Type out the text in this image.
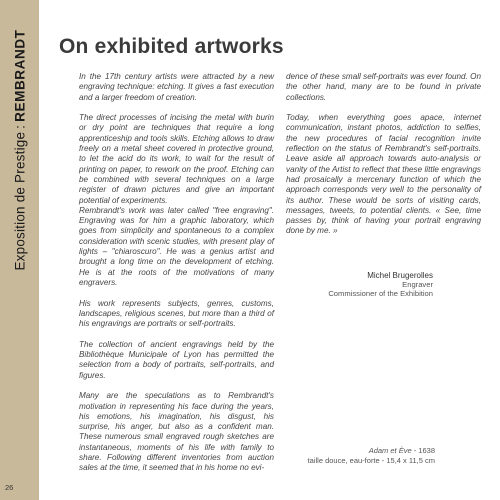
Exposition de Prestige:REMBRANDT On exhibited artworks

In the 17th century artists were attracted by a new engraving technique: etching. It gives a fast execution and a larger freedom of creation.

The direct processes of incising the metal with burin or dry point are techniques that require a long apprenticeship and tools skills. Etching allows to draw freely on a metal sheet covered in protective ground, to let the acid do its work, to wait for the result of printing on paper, to rework on the proof. Etching can be combined with several techniques on a large register of drawn pictures and give an important potential of experiments.

Rembrandt's work was later called "free engraving". Engraving was for him a graphic laboratory, which goes from simplicity and spontaneous to a complex consideration with scenic studies, with present play of lights – "chiaroscuro". He was a genius artist and brought a long time on the development of etching. He is at the roots of the motivations of many engravers.

His work represents subjects, genres, customs, landscapes, religious scenes, but more than a third of his engravings are portraits or self-portraits.

The collection of ancient engravings held by the Bibliothèque Municipale of Lyon has permitted the selection from a body of portraits, self-portraits, and figures.

Many are the speculations as to Rembrandt's motivation in representing his face during the years, his emotions, his imagination, his disgust, his surprise, his anger, but also as a confident man. These numerous small engraved rough sketches are instantaneous, moments of his life with family to share. Following different inventories from auction sales at the time, it seemed that in his home no evi-

dence of these small self-portraits was ever found. On the other hand, many are to be found in private collections.

Today, when everything goes apace, internet communication, instant photos, addiction to selfies, the new procedures of facial recognition invite reflection on the status of Rembrandt's self-portraits. Leave aside all approach towards auto-analysis or vanity of the Artist to reflect that these little engravings had prosaically a mercenary function of which the approach corresponds very well to the personality of its author. These would be sorts of visiting cards, messages, tweets, to potential clients. « See, time passes by, think of having your portrait engraving done by me. »

Michel Brugerolles
Engraver
Commissioner of the Exhibition
Adam et Ève - 1638
taille douce, eau-forte - 15,4 x 11,5 cm
26
